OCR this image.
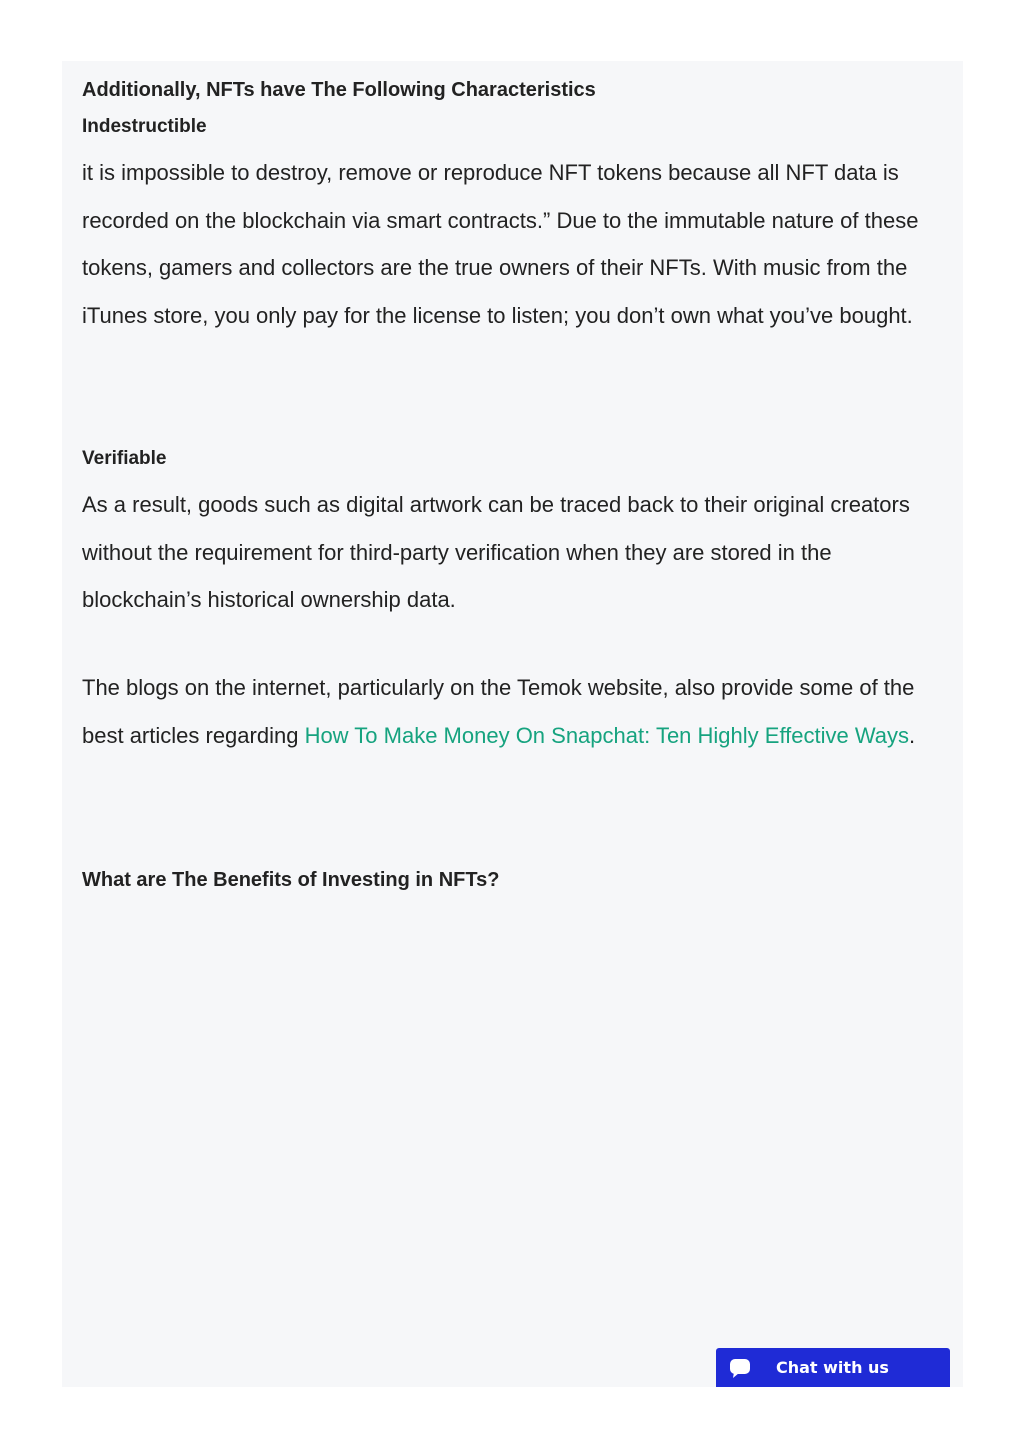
Additionally, NFTs have The Following Characteristics
Indestructible

it is impossible to destroy, remove or reproduce NFT tokens because all NFT data is recorded on the blockchain via smart contracts.” Due to the immutable nature of these tokens, gamers and collectors are the true owners of their NFTs. With music from the iTunes store, you only pay for the license to listen; you don’t own what you’ve bought.

Verifiable

As a result, goods such as digital artwork can be traced back to their original creators without the requirement for third-party verification when they are stored in the blockchain’s historical ownership data.

The blogs on the internet, particularly on the Temok website, also provide some of the best articles regarding How To Make Money On Snapchat: Ten Highly Effective Ways.

What are The Benefits of Investing in NFTs?
Chat with us
